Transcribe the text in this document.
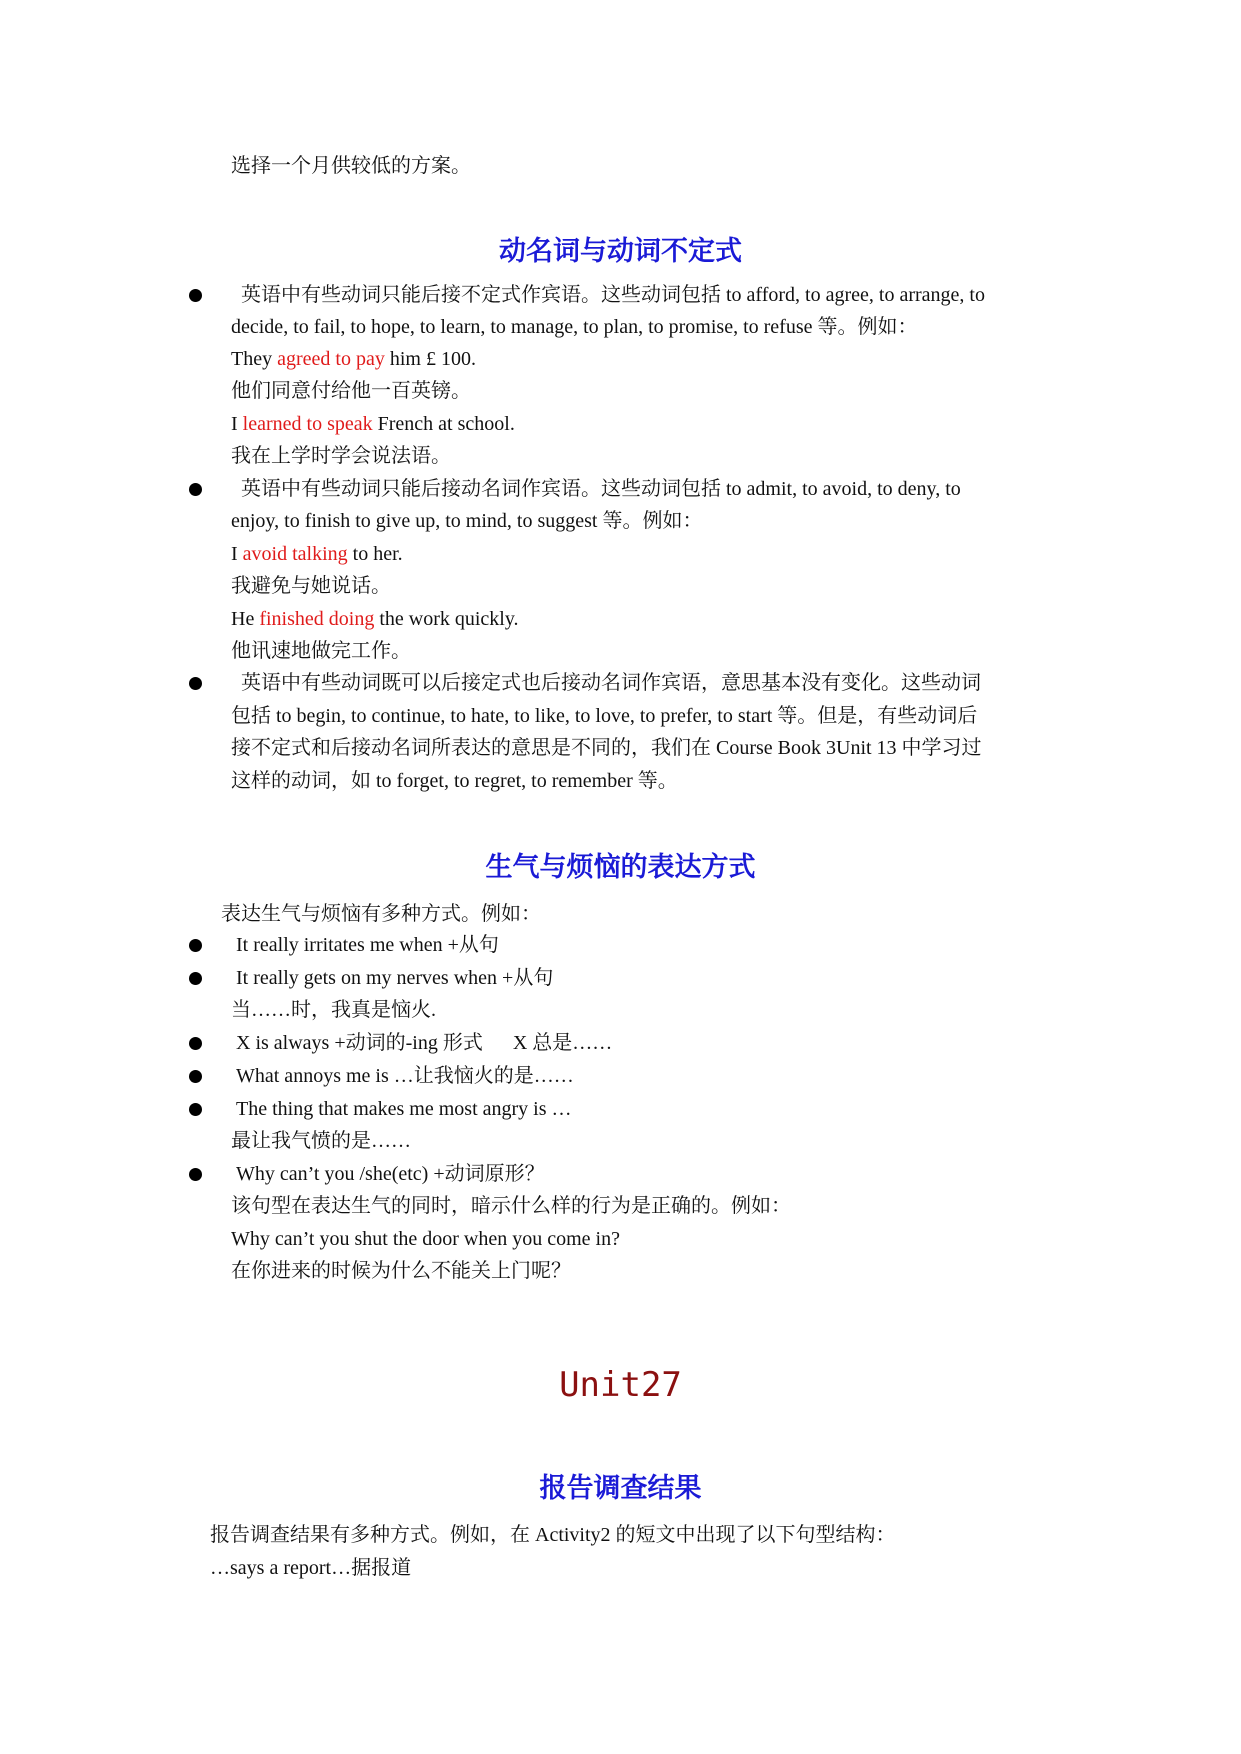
选择一个月供较低的方案。
动名词与动词不定式
英语中有些动词只能后接不定式作宾语。这些动词包括 to afford, to agree, to arrange, to
decide, to fail, to hope, to learn, to manage, to plan, to promise, to refuse 等。例如：
They agreed to pay him £ 100.
他们同意付给他一百英镑。
I learned to speak French at school.
我在上学时学会说法语。
英语中有些动词只能后接动名词作宾语。这些动词包括 to admit, to avoid, to deny, to
enjoy, to finish to give up, to mind, to suggest 等。例如：
I avoid talking to her.
我避免与她说话。
He finished doing the work quickly.
他讯速地做完工作。
英语中有些动词既可以后接定式也后接动名词作宾语，意思基本没有变化。这些动词
包括 to begin, to continue, to hate, to like, to love, to prefer, to start 等。但是，有些动词后
接不定式和后接动名词所表达的意思是不同的，我们在 Course Book 3Unit 13 中学习过
这样的动词，如 to forget, to regret, to remember 等。
生气与烦恼的表达方式
表达生气与烦恼有多种方式。例如：
It really irritates me when +从句
It really gets on my nerves when +从句
当……时，我真是恼火.
X is always +动词的-ing 形式      X 总是……
What annoys me is …让我恼火的是……
The thing that makes me most angry is …
最让我气愤的是……
Why can’t you /she(etc) +动词原形？
该句型在表达生气的同时，暗示什么样的行为是正确的。例如：
Why can’t you shut the door when you come in?
在你进来的时候为什么不能关上门呢？
Unit27
报告调查结果
报告调查结果有多种方式。例如，在 Activity2 的短文中出现了以下句型结构：
…says a report…据报道
